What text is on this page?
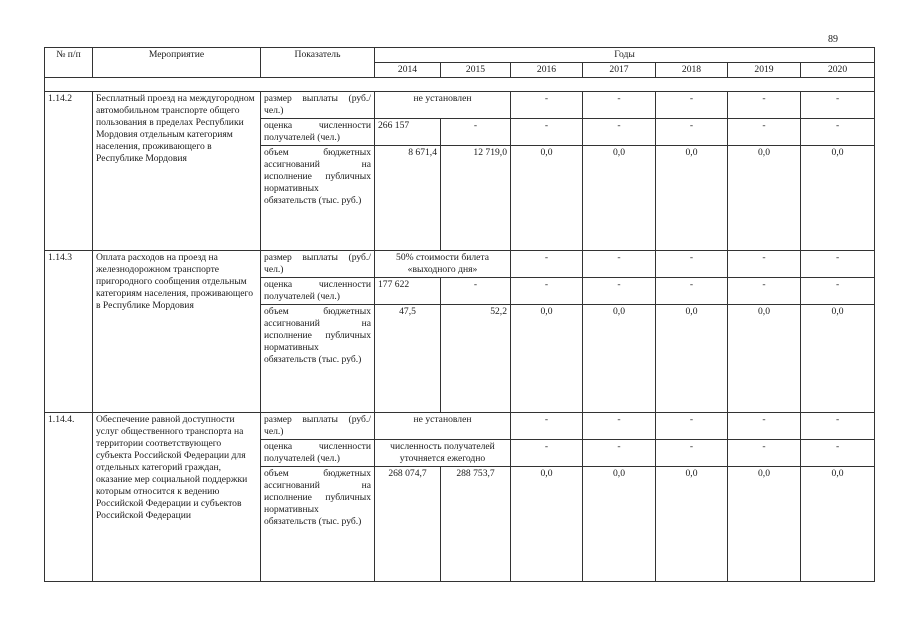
89
№ п/п	Мероприятие	Показатель	Годы						
			2014	2015	2016	2017	2018	2019	2020

1.14.2	Бесплатный проезд на междугородном автомобильном транспорте общего пользования в пределах Республики Мордовия отдельным категориям населения, проживающего в Республике Мордовия	размер выплаты (руб./ чел.)	не установлен		-	-	-	-	-
		оценка численности получателей (чел.)	266 157	-	-	-	-	-	-
		объем бюджетных ассигнований на исполнение публичных нормативных обязательств (тыс. руб.)	8 671,4	12 719,0	0,0	0,0	0,0	0,0	0,0
1.14.3	Оплата расходов на проезд на железнодорожном транспорте пригородного сообщения отдельным категориям населения, проживающего в Республике Мордовия	размер выплаты (руб./ чел.)	50% стоимости билета «выходного дня»		-	-	-	-	-
		оценка численности получателей (чел.)	177 622	-	-	-	-	-	-
		объем бюджетных ассигнований на исполнение публичных нормативных обязательств (тыс. руб.)	47,5	52,2	0,0	0,0	0,0	0,0	0,0
1.14.4.	Обеспечение равной доступности услуг общественного транспорта на территории соответствующего субъекта Российской Федерации для отдельных категорий граждан, оказание мер социальной поддержки которым относится к ведению Российской Федерации и субъектов Российской Федерации	размер выплаты (руб./ чел.)	не установлен		-	-	-	-	-
		оценка численности получателей (чел.)	численность получателей уточняется ежегодно		-	-	-	-	-
		объем бюджетных ассигнований на исполнение публичных нормативных обязательств (тыс. руб.)	268 074,7	288 753,7	0,0	0,0	0,0	0,0	0,0
